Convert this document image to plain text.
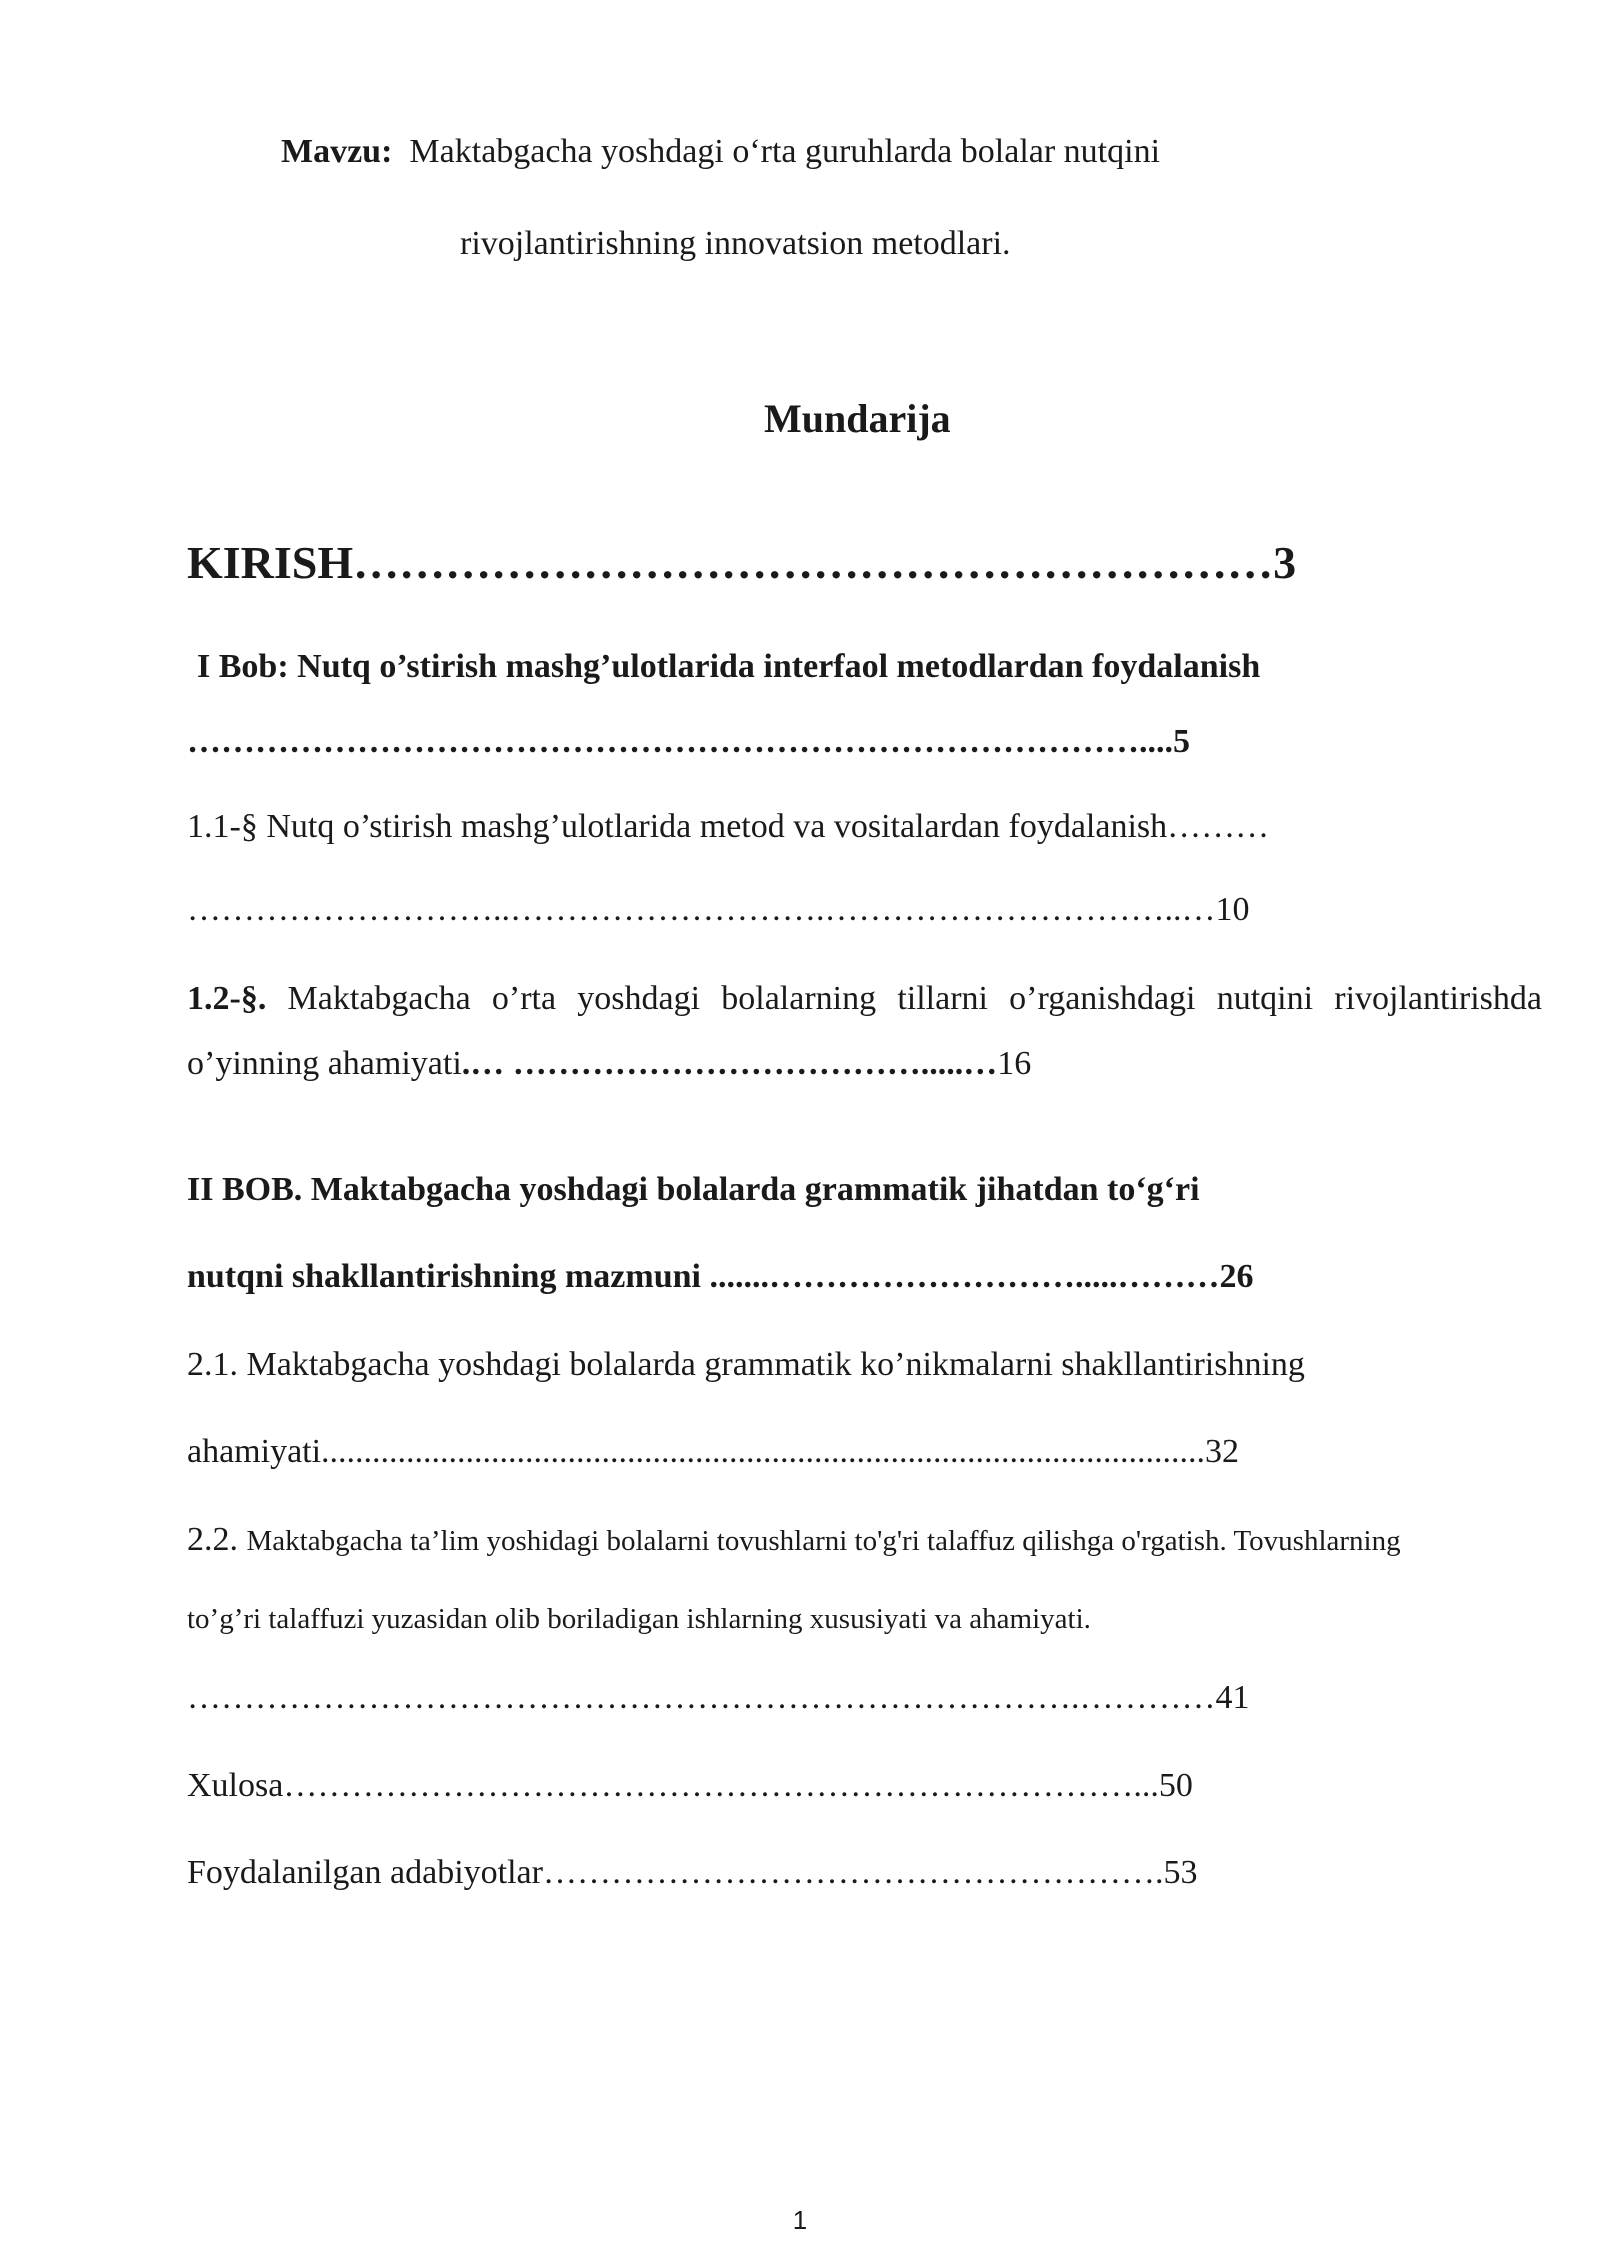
Mavzu: Maktabgacha yoshdagi o‘rta guruhlarda bolalar nutqini
rivojlantirishning innovatsion metodlari.
Mundarija
KIRISH……………………………………………………3
I Bob: Nutq o’stirish mashg’ulotlarida interfaol metodlardan foydalanish
…………………………………………………………………………....5
1.1-§ Nutq o’stirish mashg’ulotlarida metod va vositalardan foydalanish………
………………………..……………………….…………………………..…10
1.2-§. Maktabgacha o’rta yoshdagi bolalarning tillarni o’rganishdagi nutqini rivojlantirishda o’yinning ahamiyati.… ……………………………….....…16
II BOB. Maktabgacha yoshdagi bolalarda grammatik jihatdan to‘g‘ri
nutqni shakllantirishning mazmuni .......……………………….....………26
2.1. Maktabgacha yoshdagi bolalarda grammatik ko’nikmalarni shakllantirishning
ahamiyati........................................................................................................32
2.2. Maktabgacha ta’lim yoshidagi bolalarni tovushlarni to'g'ri talaffuz qilishga o'rgatish. Tovushlarning
to’g’ri talaffuzi yuzasidan olib boriladigan ishlarning xususiyati va ahamiyati.
…………………………………………………………………….…………41
Xulosa…………………………………………………………………...50
Foydalanilgan adabiyotlar……………………………………………….53
1
